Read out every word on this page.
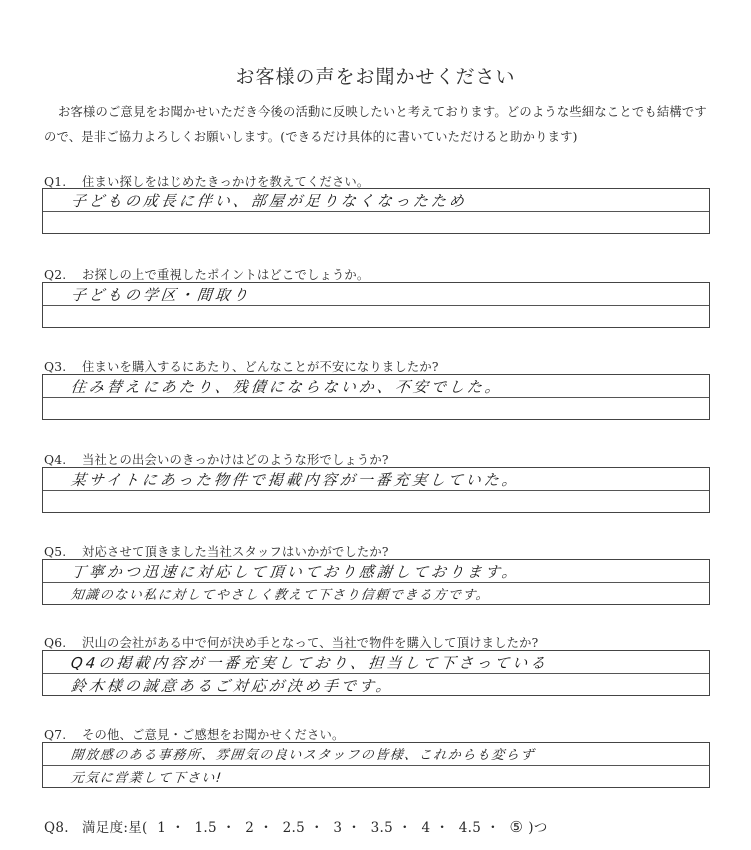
お客様の声をお聞かせください
お客様のご意見をお聞かせいただき今後の活動に反映したいと考えております。どのような些細なことでも結構ですので、是非ご協力よろしくお願いします。(できるだけ具体的に書いていただけると助かります)
Q1. 住まい探しをはじめたきっかけを教えてください。
子どもの成長に伴い、部屋が足りなくなったため
Q2. お探しの上で重視したポイントはどこでしょうか。
子どもの学区・間取り
Q3. 住まいを購入するにあたり、どんなことが不安になりましたか?
住み替えにあたり、残債にならないか、不安でした。
Q4. 当社との出会いのきっかけはどのような形でしょうか?
某サイトにあった物件で掲載内容が一番充実していた。
Q5. 対応させて頂きました当社スタッフはいかがでしたか?
丁寧かつ迅速に対応して頂いており感謝しております。
知識のない私に対してやさしく教えて下さり信頼できる方です。
Q6. 沢山の会社がある中で何が決め手となって、当社で物件を購入して頂けましたか?
Q4の掲載内容が一番充実しており、担当して下さっている
鈴木様の誠意あるご対応が決め手です。
Q7. その他、ご意見・ご感想をお聞かせください。
開放感のある事務所、雰囲気の良いスタッフの皆様、これからも変らず
元気に営業して下さい!
Q8. 満足度:星( 1 ・ 1.5 ・ 2 ・ 2.5 ・ 3 ・ 3.5 ・ 4 ・ 4.5 ・ ⑤ )つ
